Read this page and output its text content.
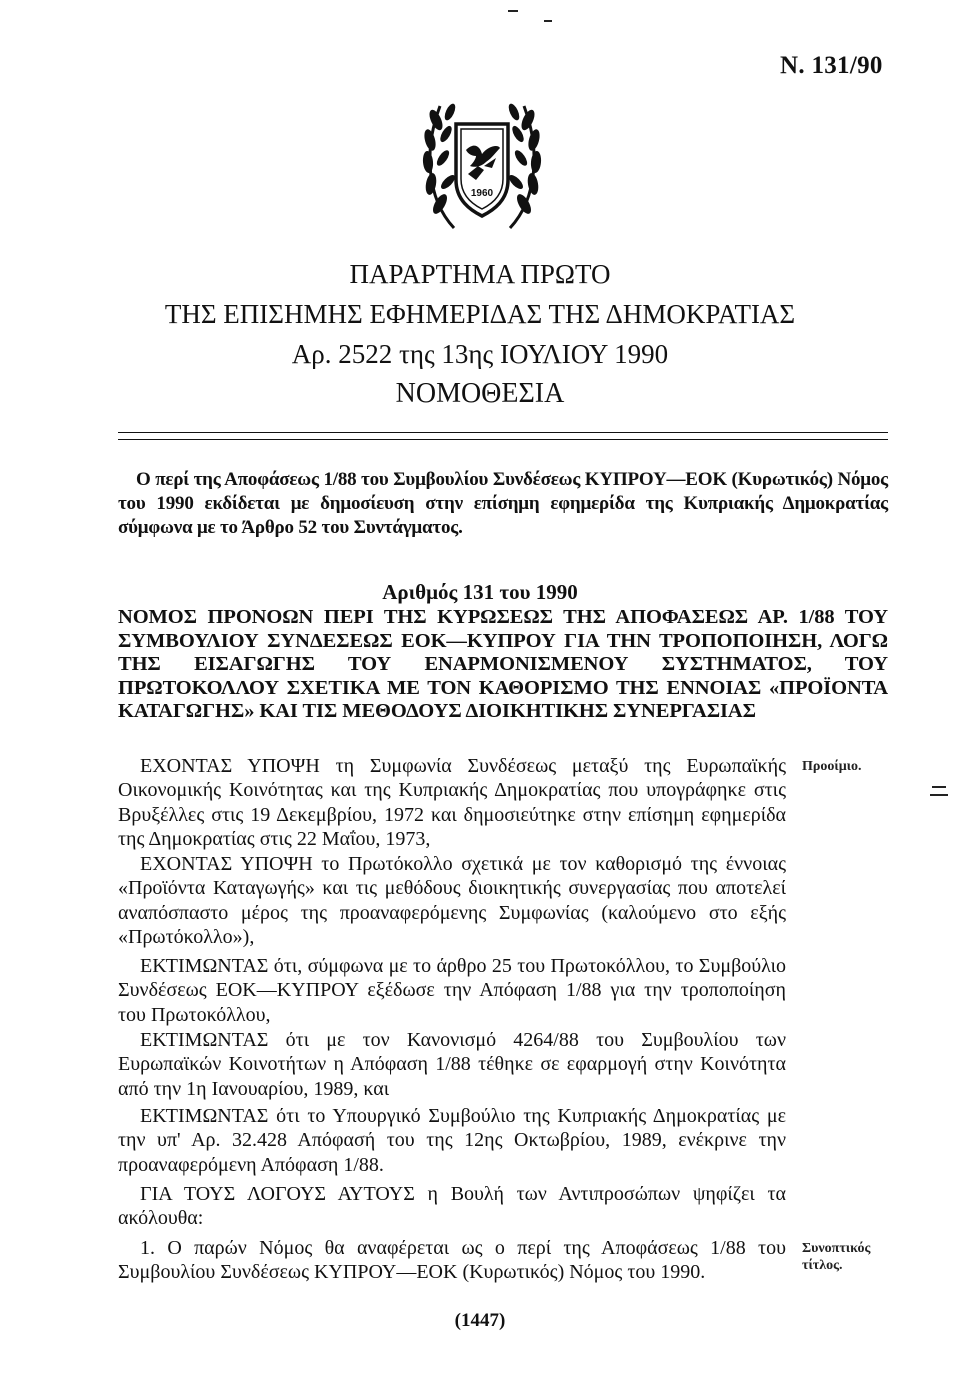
Ν. 131/90
1960
ΠΑΡΑΡΤΗΜΑ ΠΡΩΤΟ
ΤΗΣ ΕΠΙΣΗΜΗΣ ΕΦΗΜΕΡΙΔΑΣ ΤΗΣ ΔΗΜΟΚΡΑΤΙΑΣ
Αρ. 2522 της 13ης ΙΟΥΛΙΟΥ 1990
ΝΟΜΟΘΕΣΙΑ
Ο περί της Αποφάσεως 1/88 του Συμβουλίου Συνδέσεως ΚΥΠΡΟΥ—ΕΟΚ (Κυρωτικός) Νόμος του 1990 εκδίδεται με δημοσίευση στην επίσημη εφημερίδα της Κυπριακής Δημοκρατίας σύμφωνα με το Άρθρο 52 του Συντάγματος.
Αριθμός 131 του 1990
ΝΟΜΟΣ ΠΡΟΝΟΩΝ ΠΕΡΙ ΤΗΣ ΚΥΡΩΣΕΩΣ ΤΗΣ ΑΠΟΦΑΣΕΩΣ ΑΡ. 1/88 ΤΟΥ ΣΥΜΒΟΥΛΙΟΥ ΣΥΝΔΕΣΕΩΣ ΕΟΚ—ΚΥΠΡΟΥ ΓΙΑ ΤΗΝ ΤΡΟΠΟΠΟΙΗΣΗ, ΛΟΓΩ ΤΗΣ ΕΙΣΑΓΩΓΗΣ ΤΟΥ ΕΝΑΡΜΟΝΙΣΜΕΝΟΥ ΣΥΣΤΗΜΑΤΟΣ, ΤΟΥ ΠΡΩΤΟΚΟΛΛΟΥ ΣΧΕΤΙΚΑ ΜΕ ΤΟΝ ΚΑΘΟΡΙΣΜΟ ΤΗΣ ΕΝΝΟΙΑΣ «ΠΡΟΪΟΝΤΑ ΚΑΤΑΓΩΓΗΣ» ΚΑΙ ΤΙΣ ΜΕΘΟΔΟΥΣ ΔΙΟΙΚΗΤΙΚΗΣ ΣΥΝΕΡΓΑΣΙΑΣ
ΕΧΟΝΤΑΣ ΥΠΟΨΗ τη Συμφωνία Συνδέσεως μεταξύ της Ευρωπαϊκής Οικονομικής Κοινότητας και της Κυπριακής Δημοκρατίας που υπογράφηκε στις Βρυξέλλες στις 19 Δεκεμβρίου, 1972 και δημοσιεύτηκε στην επίσημη εφημερίδα της Δημοκρατίας στις 22 Μαΐου, 1973,
ΕΧΟΝΤΑΣ ΥΠΟΨΗ το Πρωτόκολλο σχετικά με τον καθορισμό της έννοιας «Προϊόντα Καταγωγής» και τις μεθόδους διοικητικής συνεργασίας που αποτελεί αναπόσπαστο μέρος της προαναφερόμενης Συμφωνίας (καλούμενο στο εξής «Πρωτόκολλο»),
ΕΚΤΙΜΩΝΤΑΣ ότι, σύμφωνα με το άρθρο 25 του Πρωτοκόλλου, το Συμβούλιο Συνδέσεως ΕΟΚ—ΚΥΠΡΟΥ εξέδωσε την Απόφαση 1/88 για την τροποποίηση του Πρωτοκόλλου,
ΕΚΤΙΜΩΝΤΑΣ ότι με τον Κανονισμό 4264/88 του Συμβουλίου των Ευρωπαϊκών Κοινοτήτων η Απόφαση 1/88 τέθηκε σε εφαρμογή στην Κοινότητα από την 1η Ιανουαρίου, 1989, και
ΕΚΤΙΜΩΝΤΑΣ ότι το Υπουργικό Συμβούλιο της Κυπριακής Δημοκρατίας με την υπ' Αρ. 32.428 Απόφασή του της 12ης Οκτωβρίου, 1989, ενέκρινε την προαναφερόμενη Απόφαση 1/88.
ΓΙΑ ΤΟΥΣ ΛΟΓΟΥΣ ΑΥΤΟΥΣ η Βουλή των Αντιπροσώπων ψηφίζει τα ακόλουθα:
1. Ο παρών Νόμος θα αναφέρεται ως ο περί της Αποφάσεως 1/88 του Συμβουλίου Συνδέσεως ΚΥΠΡΟΥ—ΕΟΚ (Κυρωτικός) Νόμος του 1990.
Προοίμιο.
Συνοπτικός
τίτλος.
(1447)
